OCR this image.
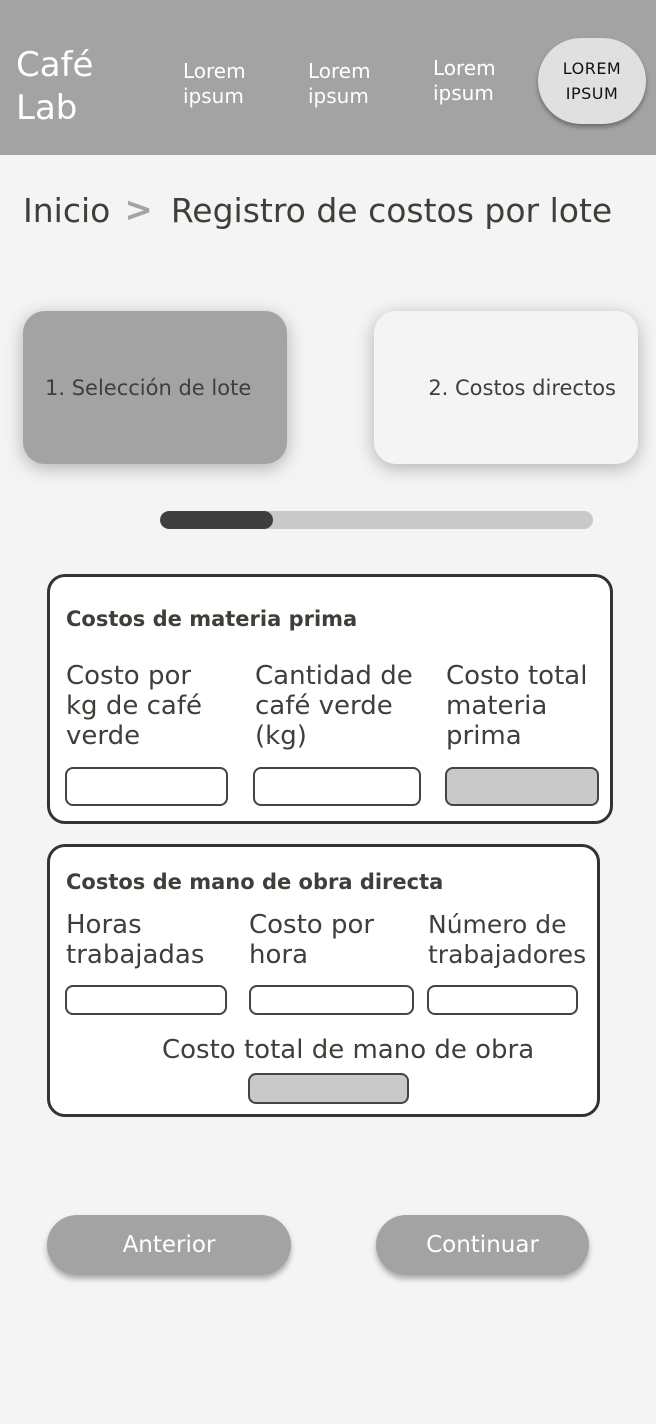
Café
Lab
Lorem
ipsum
Lorem
ipsum
Lorem
ipsum
LOREM
IPSUM
Inicio > Registro de costos por lote
1. Selección de lote	2. Costos directos
Costos de materia prima
Costo por
kg de café
verde
Cantidad de
café verde
(kg)
Costo total
materia
prima
Costos de mano de obra directa
Horas
trabajadas
Costo por
hora
Número de
trabajadores
Costo total de mano de obra
Anterior	Continuar
